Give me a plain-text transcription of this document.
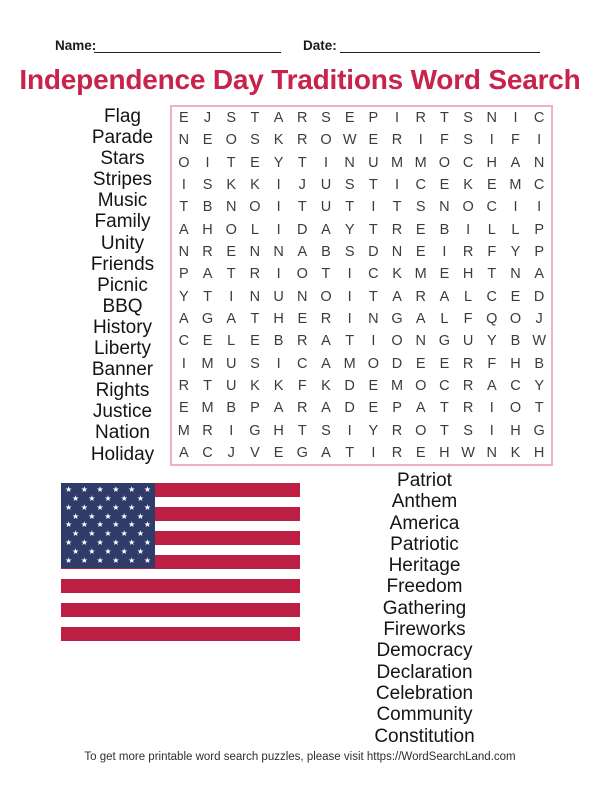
Name:	Date:
Independence Day Traditions Word Search
Flag
Parade
Stars
Stripes
Music
Family
Unity
Friends
Picnic
BBQ
History
Liberty
Banner
Rights
Justice
Nation
Holiday
E	J	S T A R S E P	I	R T S N	I	C
N E O S K R O W E R	I	F S	I	F	I
O	I	T E Y T	I	N U M M O C H A N
I	S K K	I	J	U S T	I	C E K E M C
T B N O	I	T U T	I	T S N O C	I	I
A H O L	I	D A Y T R E B	I	L	L	P
N R E N N A B S D N E	I	R F Y P
P A T R	I	O T	I	C K M E H T N A
Y T	I	N U N O	I	T A R A	L C E D
A G A T H E R	I	N G A	L	F Q O J
C E	L	E B R A T	I	O N G U Y B W
I	M U S	I	C A M O D E E R F H B
R T U K K F K D E M O C R A C Y
E M B P A R A D E P A T R	I	O T
M R	I	G H T S	I	Y R O T S	I	H G
A C	J	V E G A T	I	R E H W N K H
★ ★ ★ ★ ★ ★
★ ★ ★ ★ ★
★ ★ ★ ★ ★ ★
★ ★ ★ ★ ★
★ ★ ★ ★ ★ ★
★ ★ ★ ★ ★
★ ★ ★ ★ ★ ★
★ ★ ★ ★ ★
★ ★ ★ ★ ★ ★
Patriot
Anthem
America
Patriotic
Heritage
Freedom
Gathering
Fireworks
Democracy
Declaration
Celebration
Community
Constitution
To get more printable word search puzzles, please visit https://WordSearchLand.com
